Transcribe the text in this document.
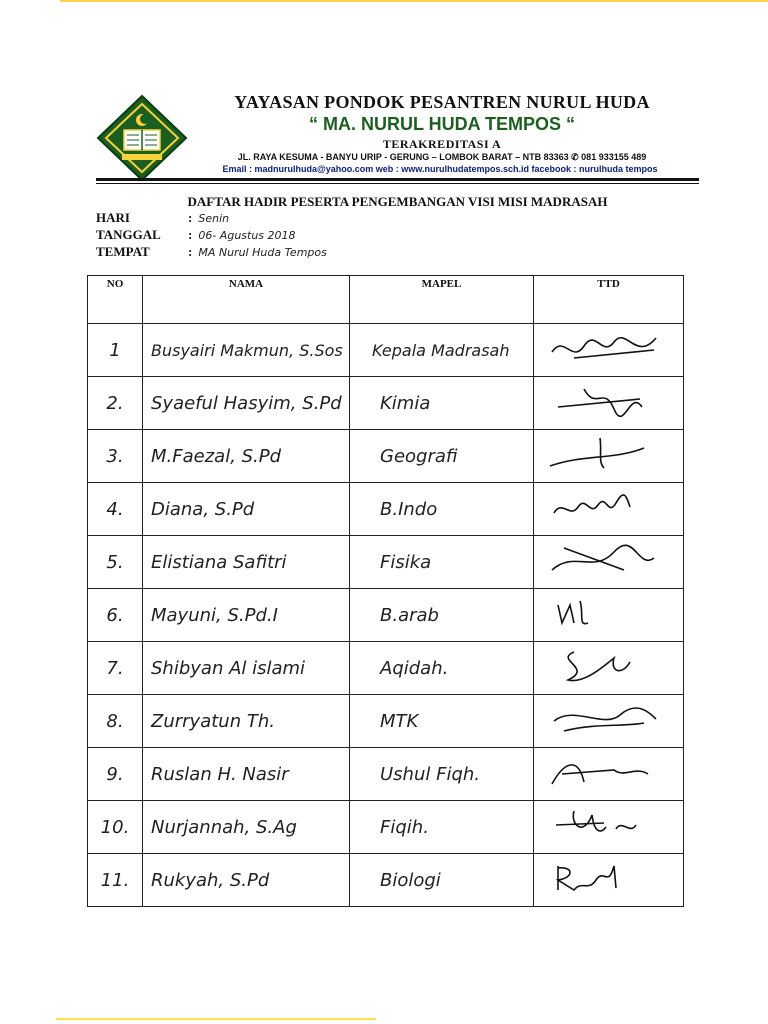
YAYASAN PONDOK PESANTREN NURUL HUDA
“ MA. NURUL HUDA TEMPOS “
TERAKREDITASI A
JL. RAYA KESUMA - BANYU URIP - GERUNG – LOMBOK BARAT – NTB 83363 ✆ 081 933155 489
Email : madnurulhuda@yahoo.com web : www.nurulhudatempos.sch.id facebook : nurulhuda tempos
DAFTAR HADIR PESERTA PENGEMBANGAN VISI MISI MADRASAH
HARI	: Senin
TANGGAL : 06- Agustus 2018
TEMPAT	: MA Nurul Huda Tempos
NO	NAMA	MAPEL	TTD
1	Busyairi Makmun, S.Sos	Kepala Madrasah	
2.	Syaeful Hasyim, S.Pd	Kimia	
3.	M.Faezal, S.Pd	Geografi	
4.	Diana, S.Pd	B.Indo	
5.	Elistiana Safitri	Fisika	
6.	Mayuni, S.Pd.I	B.arab	
7.	Shibyan Al islami	Aqidah.	
8.	Zurryatun Th.	MTK	
9.	Ruslan H. Nasir	Ushul Fiqh.	
10.	Nurjannah, S.Ag	Fiqih.	
11.	Rukyah, S.Pd	Biologi	
